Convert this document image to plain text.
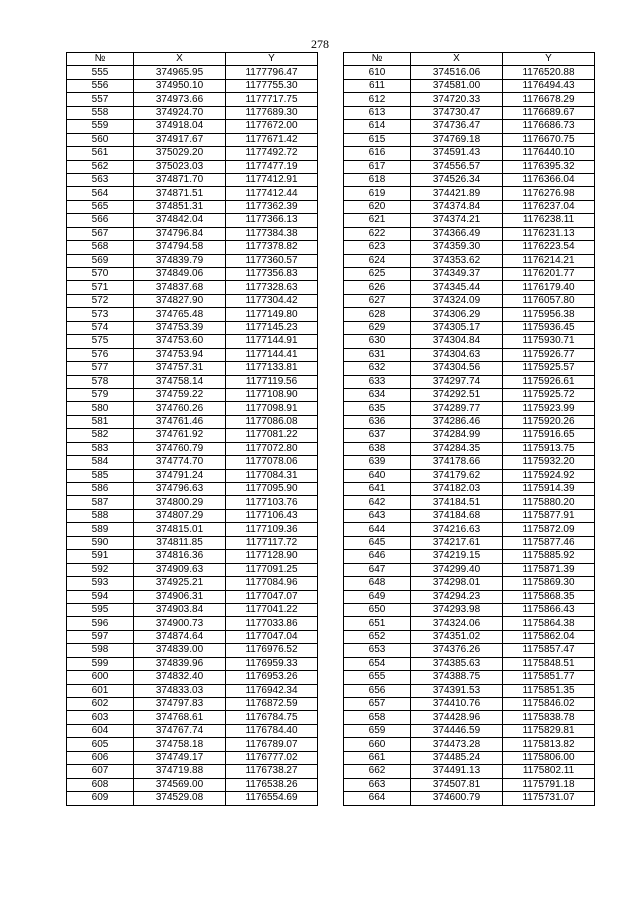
278
№	X	Y
555	374965.95	1177796.47
556	374950.10	1177755.30
557	374973.66	1177717.75
558	374924.70	1177689.30
559	374918.04	1177672.00
560	374917.67	1177671.42
561	375029.20	1177492.72
562	375023.03	1177477.19
563	374871.70	1177412.91
564	374871.51	1177412.44
565	374851.31	1177362.39
566	374842.04	1177366.13
567	374796.84	1177384.38
568	374794.58	1177378.82
569	374839.79	1177360.57
570	374849.06	1177356.83
571	374837.68	1177328.63
572	374827.90	1177304.42
573	374765.48	1177149.80
574	374753.39	1177145.23
575	374753.60	1177144.91
576	374753.94	1177144.41
577	374757.31	1177133.81
578	374758.14	1177119.56
579	374759.22	1177108.90
580	374760.26	1177098.91
581	374761.46	1177086.08
582	374761.92	1177081.22
583	374760.79	1177072.80
584	374774.70	1177078.06
585	374791.24	1177084.31
586	374796.63	1177095.90
587	374800.29	1177103.76
588	374807.29	1177106.43
589	374815.01	1177109.36
590	374811.85	1177117.72
591	374816.36	1177128.90
592	374909.63	1177091.25
593	374925.21	1177084.96
594	374906.31	1177047.07
595	374903.84	1177041.22
596	374900.73	1177033.86
597	374874.64	1177047.04
598	374839.00	1176976.52
599	374839.96	1176959.33
600	374832.40	1176953.26
601	374833.03	1176942.34
602	374797.83	1176872.59
603	374768.61	1176784.75
604	374767.74	1176784.40
605	374758.18	1176789.07
606	374749.17	1176777.02
607	374719.88	1176738.27
608	374569.00	1176538.26
609	374529.08	1176554.69
№	X	Y
610	374516.06	1176520.88
611	374581.00	1176494.43
612	374720.33	1176678.29
613	374730.47	1176689.67
614	374736.47	1176686.73
615	374769.18	1176670.75
616	374591.43	1176440.10
617	374556.57	1176395.32
618	374526.34	1176366.04
619	374421.89	1176276.98
620	374374.84	1176237.04
621	374374.21	1176238.11
622	374366.49	1176231.13
623	374359.30	1176223.54
624	374353.62	1176214.21
625	374349.37	1176201.77
626	374345.44	1176179.40
627	374324.09	1176057.80
628	374306.29	1175956.38
629	374305.17	1175936.45
630	374304.84	1175930.71
631	374304.63	1175926.77
632	374304.56	1175925.57
633	374297.74	1175926.61
634	374292.51	1175925.72
635	374289.77	1175923.99
636	374286.46	1175920.26
637	374284.99	1175916.65
638	374284.35	1175913.75
639	374178.66	1175932.20
640	374179.62	1175924.92
641	374182.03	1175914.39
642	374184.51	1175880.20
643	374184.68	1175877.91
644	374216.63	1175872.09
645	374217.61	1175877.46
646	374219.15	1175885.92
647	374299.40	1175871.39
648	374298.01	1175869.30
649	374294.23	1175868.35
650	374293.98	1175866.43
651	374324.06	1175864.38
652	374351.02	1175862.04
653	374376.26	1175857.47
654	374385.63	1175848.51
655	374388.75	1175851.77
656	374391.53	1175851.35
657	374410.76	1175846.02
658	374428.96	1175838.78
659	374446.59	1175829.81
660	374473.28	1175813.82
661	374485.24	1175806.00
662	374491.13	1175802.11
663	374507.81	1175791.18
664	374600.79	1175731.07
